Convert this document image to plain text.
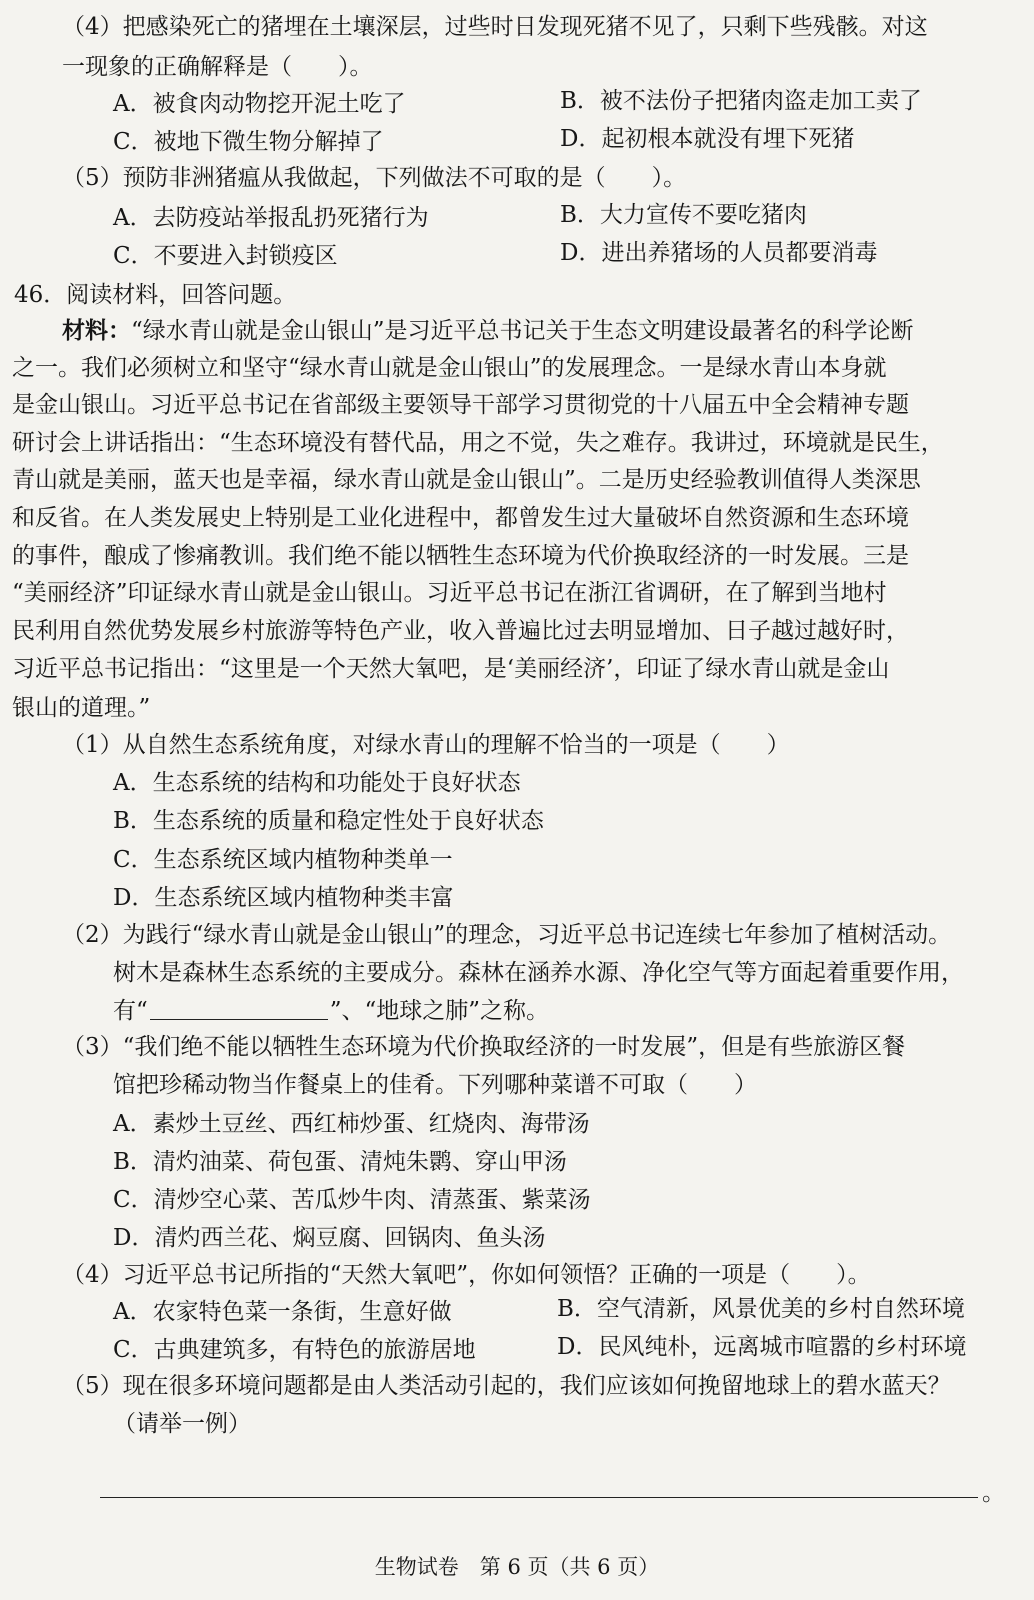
（4）把感染死亡的猪埋在土壤深层，过些时日发现死猪不见了，只剩下些残骸。对这
一现象的正确解释是（　　）。
A．被食肉动物挖开泥土吃了	B．被不法份子把猪肉盗走加工卖了
C．被地下微生物分解掉了	D．起初根本就没有埋下死猪
（5）预防非洲猪瘟从我做起，下列做法不可取的是（　　）。
A．去防疫站举报乱扔死猪行为	B．大力宣传不要吃猪肉
C．不要进入封锁疫区	D．进出养猪场的人员都要消毒
46．阅读材料，回答问题。
材料：“绿水青山就是金山银山”是习近平总书记关于生态文明建设最著名的科学论断
之一。我们必须树立和坚守“绿水青山就是金山银山”的发展理念。一是绿水青山本身就
是金山银山。习近平总书记在省部级主要领导干部学习贯彻党的十八届五中全会精神专题
研讨会上讲话指出：“生态环境没有替代品，用之不觉，失之难存。我讲过，环境就是民生，
青山就是美丽，蓝天也是幸福，绿水青山就是金山银山”。二是历史经验教训值得人类深思
和反省。在人类发展史上特别是工业化进程中，都曾发生过大量破坏自然资源和生态环境
的事件，酿成了惨痛教训。我们绝不能以牺牲生态环境为代价换取经济的一时发展。三是
“美丽经济”印证绿水青山就是金山银山。习近平总书记在浙江省调研，在了解到当地村
民利用自然优势发展乡村旅游等特色产业，收入普遍比过去明显增加、日子越过越好时，
习近平总书记指出：“这里是一个天然大氧吧，是‘美丽经济’，印证了绿水青山就是金山
银山的道理。”
（1）从自然生态系统角度，对绿水青山的理解不恰当的一项是（　　）
A．生态系统的结构和功能处于良好状态
B．生态系统的质量和稳定性处于良好状态
C．生态系统区域内植物种类单一
D．生态系统区域内植物种类丰富
（2）为践行“绿水青山就是金山银山”的理念，习近平总书记连续七年参加了植树活动。
树木是森林生态系统的主要成分。森林在涵养水源、净化空气等方面起着重要作用，
有“	”、“地球之肺”之称。
（3）“我们绝不能以牺牲生态环境为代价换取经济的一时发展”，但是有些旅游区餐
馆把珍稀动物当作餐桌上的佳肴。下列哪种菜谱不可取（　　）
A．素炒土豆丝、西红柿炒蛋、红烧肉、海带汤
B．清灼油菜、荷包蛋、清炖朱鹮、穿山甲汤
C．清炒空心菜、苦瓜炒牛肉、清蒸蛋、紫菜汤
D．清灼西兰花、焖豆腐、回锅肉、鱼头汤
（4）习近平总书记所指的“天然大氧吧”，你如何领悟？正确的一项是（　　）。
A．农家特色菜一条街，生意好做	B．空气清新，风景优美的乡村自然环境
C．古典建筑多，有特色的旅游居地	D．民风纯朴，远离城市喧嚣的乡村环境
（5）现在很多环境问题都是由人类活动引起的，我们应该如何挽留地球上的碧水蓝天？
（请举一例）
。
生物试卷　第 6 页（共 6 页）
